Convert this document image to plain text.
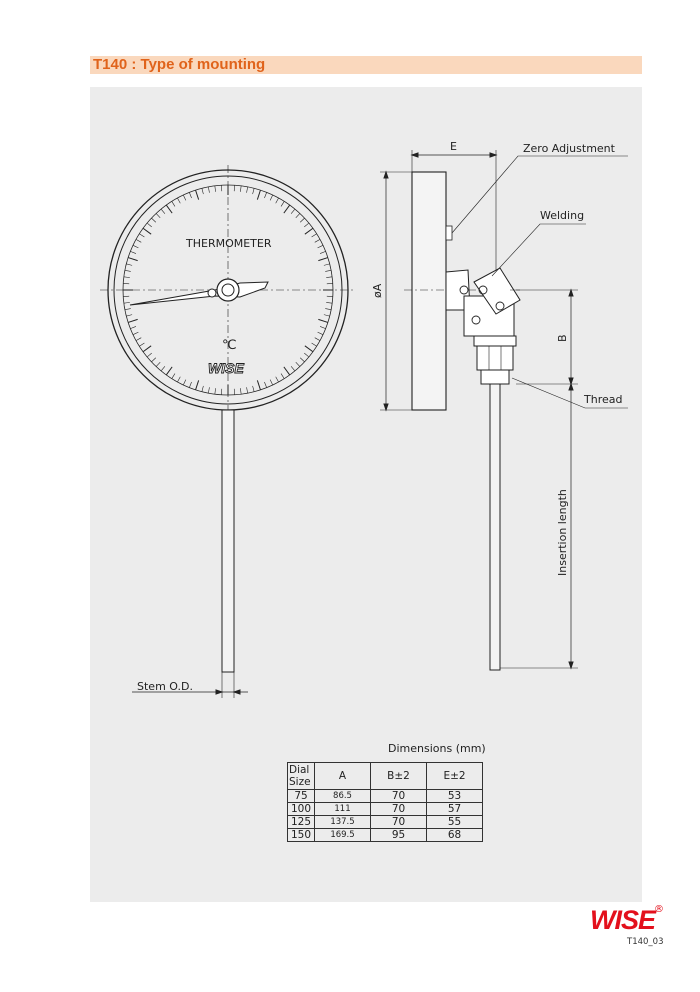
T140 : Type of mounting
THERMOMETER
℃
WISE
Stem O.D.
E	Zero Adjustment
Welding
Thread
øA
B
Insertion length
Dimensions (mm)
Dial Size	A	B±2	E±2
75	86.5	70	53
100	111	70	57
125	137.5	70	55
150	169.5	95	68
WISE
®
T140_03
